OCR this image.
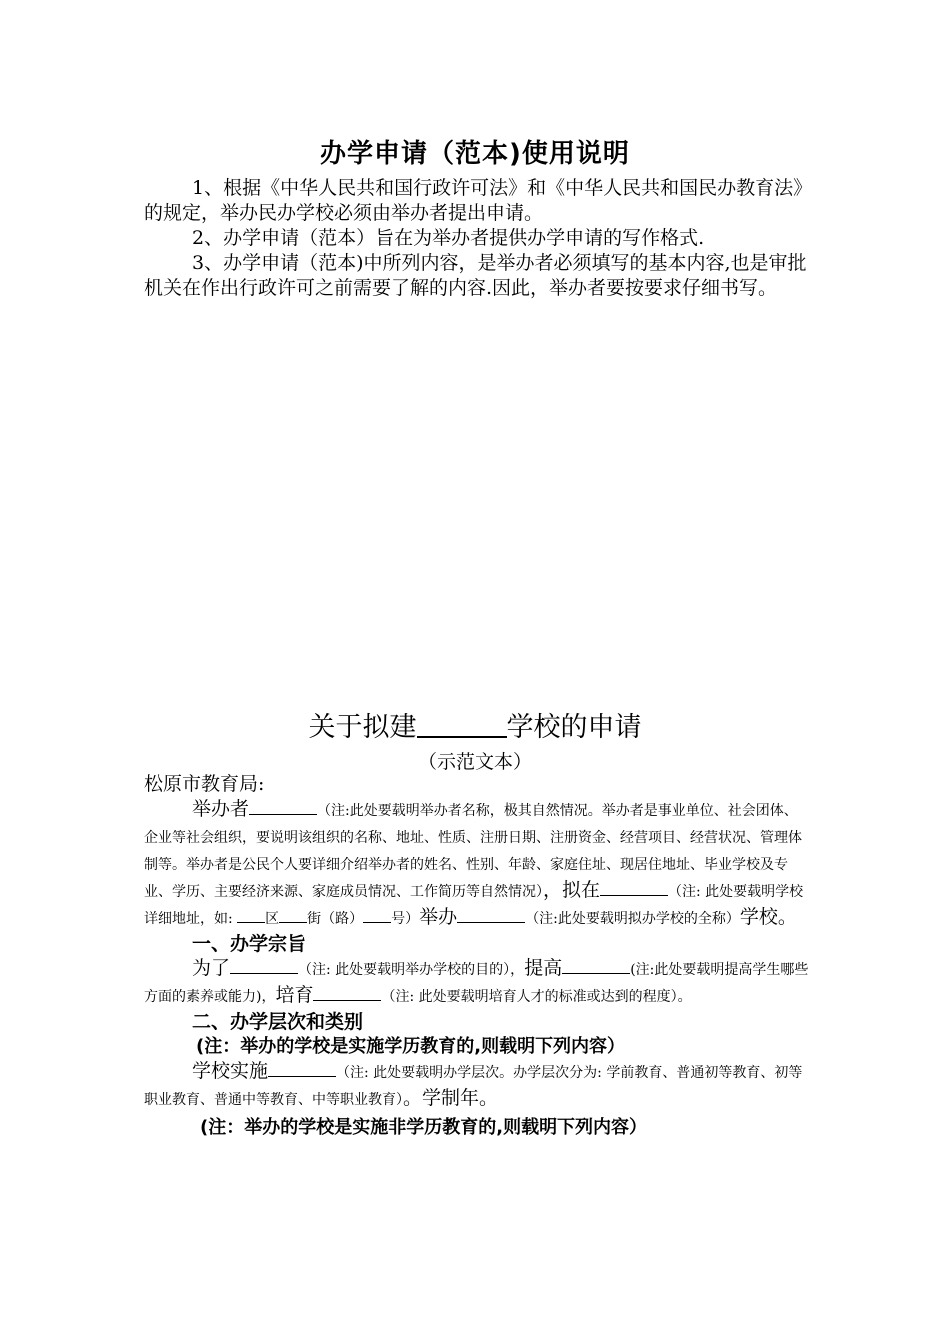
办学申请（范本)使用说明

1、根据《中华人民共和国行政许可法》和《中华人民共和国民办教育法》的规定，举办民办学校必须由举办者提出申请。

2、办学申请（范本）旨在为举办者提供办学申请的写作格式.

3、办学申请（范本)中所列内容，是举办者必须填写的基本内容,也是审批机关在作出行政许可之前需要了解的内容.因此，举办者要按要求仔细书写。

关于拟建	学校的申请
（示范文本）

松原市教育局:

举办者	（注:此处要载明举办者名称，极其自然情况。举办者是事业单位、社会团体、企业等社会组织，要说明该组织的名称、地址、性质、注册日期、注册资金、经营项目、经营状况、管理体制等。举办者是公民个人要详细介绍举办者的姓名、性别、年龄、家庭住址、现居住地址、毕业学校及专业、学历、主要经济来源、家庭成员情况、工作简历等自然情况），拟在	（注: 此处要载明学校详细地址，如: 区 街（路） 号）举办	（注:此处要载明拟办学校的全称）学校。

一、办学宗旨

为了	（注: 此处要载明举办学校的目的），提高	(注:此处要载明提高学生哪些方面的素养或能力)，培育	（注: 此处要载明培育人才的标准或达到的程度）。

二、办学层次和类别

(注：举办的学校是实施学历教育的,则载明下列内容）

学校实施	（注: 此处要载明办学层次。办学层次分为: 学前教育、普通初等教育、初等职业教育、普通中等教育、中等职业教育）。学制年。

(注：举办的学校是实施非学历教育的,则载明下列内容）
